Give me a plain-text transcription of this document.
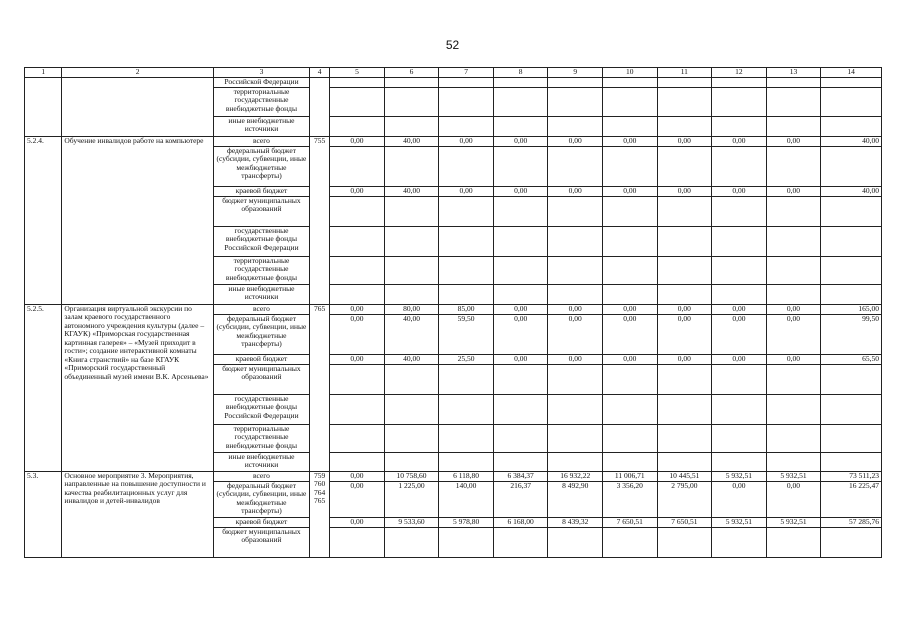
52
1	2	3	4	5	6	7	8	9	10	11	12	13	14
		Российской Федерации											
		территориальные государственные внебюджетные фонды											
		иные внебюджетные источники											
5.2.4.	Обучение инвалидов работе на компьютере	всего	755	0,00	40,00	0,00	0,00	0,00	0,00	0,00	0,00	0,00	40,00
		федеральный бюджет (субсидии, субвенции, иные межбюджетные трансферты)											
		краевой бюджет		0,00	40,00	0,00	0,00	0,00	0,00	0,00	0,00	0,00	40,00
		бюджет муниципальных образований											
		государственные внебюджетные фонды Российской Федерации											
		территориальные государственные внебюджетные фонды											
		иные внебюджетные источники											
5.2.5.	Организация виртуальной экскурсии по залам краевого государственного автономного учреждения культуры (далее – КГАУК) «Приморская государственная картинная галерея» – «Музей приходит в гости»; создание интерактивной комнаты «Книга странствий» на базе КГАУК «Приморский государственный объединенный музей имени В.К. Арсеньева»	всего	765	0,00	80,00	85,00	0,00	0,00	0,00	0,00	0,00	0,00	165,00
		федеральный бюджет (субсидии, субвенции, иные межбюджетные трансферты)		0,00	40,00	59,50	0,00	0,00	0,00	0,00	0,00	0,00	99,50
		краевой бюджет		0,00	40,00	25,50	0,00	0,00	0,00	0,00	0,00	0,00	65,50
		бюджет муниципальных образований											
		государственные внебюджетные фонды Российской Федерации											
		территориальные государственные внебюджетные фонды											
		иные внебюджетные источники											
5.3.	Основное мероприятие 3. Мероприятия, направленные на повышение доступности и качества реабилитационных услуг для инвалидов и детей-инвалидов	всего	759
760
764
765	0,00	10 758,60	6 118,80	6 384,37	16 932,22	11 006,71	10 445,51	5 932,51	5 932,51	73 511,23
		федеральный бюджет (субсидии, субвенции, иные межбюджетные трансферты)		0,00	1 225,00	140,00	216,37	8 492,90	3 356,20	2 795,00	0,00	0,00	16 225,47
		краевой бюджет		0,00	9 533,60	5 978,80	6 168,00	8 439,32	7 650,51	7 650,51	5 932,51	5 932,51	57 285,76
		бюджет муниципальных образований											
